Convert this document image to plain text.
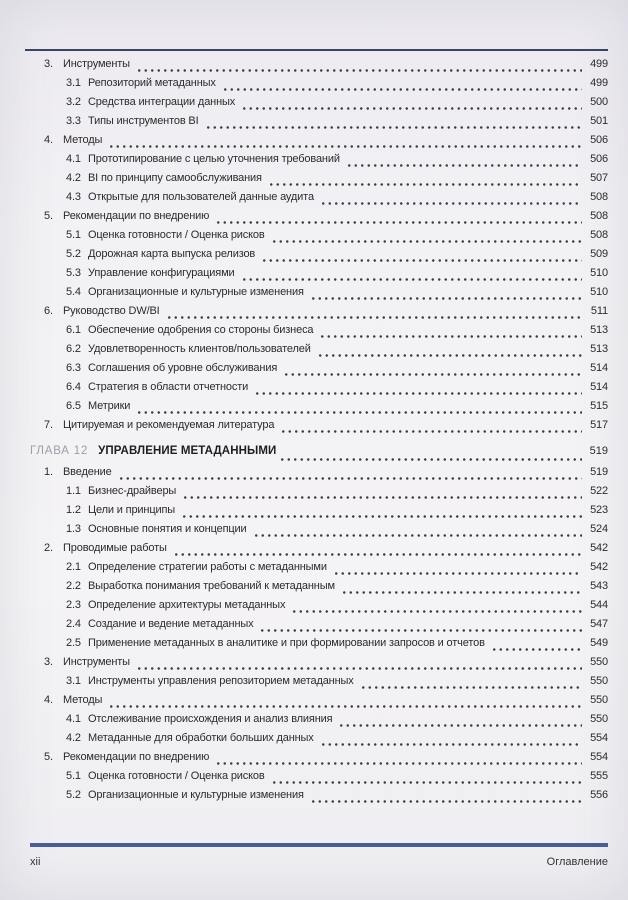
3. Инструменты	499
3.1 Репозиторий метаданных	499
3.2 Средства интеграции данных	500
3.3 Типы инструментов BI	501
4. Методы	506
4.1 Прототипирование с целью уточнения требований	506
4.2 BI по принципу самообслуживания	507
4.3 Открытые для пользователей данные аудита	508
5. Рекомендации по внедрению	508
5.1 Оценка готовности / Оценка рисков	508
5.2 Дорожная карта выпуска релизов	509
5.3 Управление конфигурациями	510
5.4 Организационные и культурные изменения	510
6. Руководство DW/BI	511
6.1 Обеспечение одобрения со стороны бизнеса	513
6.2 Удовлетворенность клиентов/пользователей	513
6.3 Соглашения об уровне обслуживания	514
6.4 Стратегия в области отчетности	514
6.5 Метрики	515
7. Цитируемая и рекомендуемая литература	517
ГЛАВА 12 УПРАВЛЕНИЕ МЕТАДАННЫМИ	519
1. Введение	519
1.1 Бизнес-драйверы	522
1.2 Цели и принципы	523
1.3 Основные понятия и концепции	524
2. Проводимые работы	542
2.1 Определение стратегии работы с метаданными	542
2.2 Выработка понимания требований к метаданным	543
2.3 Определение архитектуры метаданных	544
2.4 Создание и ведение метаданных	547
2.5 Применение метаданных в аналитике и при формировании запросов и отчетов	549
3. Инструменты	550
3.1 Инструменты управления репозиторием метаданных	550
4. Методы	550
4.1 Отслеживание происхождения и анализ влияния	550
4.2 Метаданные для обработки больших данных	554
5. Рекомендации по внедрению	554
5.1 Оценка готовности / Оценка рисков	555
5.2 Организационные и культурные изменения	556
xii	Оглавление
